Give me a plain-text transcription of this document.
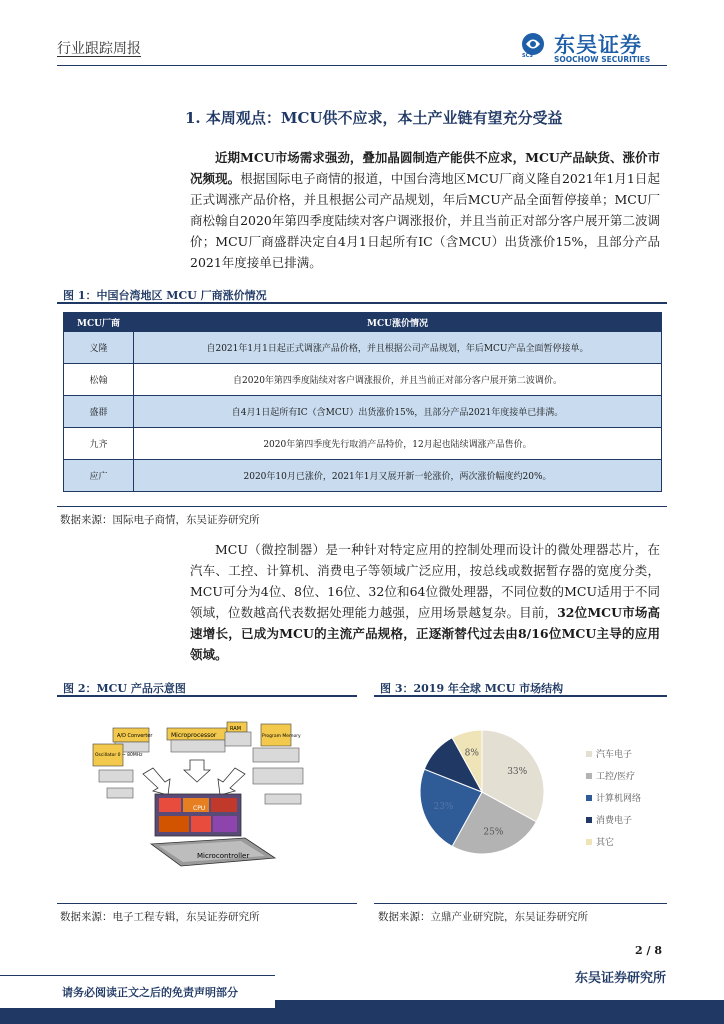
行业跟踪周报	SCS 东吴证券
SOOCHOW SECURITIES
1. 本周观点：MCU供不应求，本土产业链有望充分受益
近期MCU市场需求强劲，叠加晶圆制造产能供不应求，MCU产品缺货、涨价市况频现。根据国际电子商情的报道，中国台湾地区MCU厂商义隆自2021年1月1日起正式调涨产品价格，并且根据公司产品规划，年后MCU产品全面暂停接单；MCU厂商松翰自2020年第四季度陆续对客户调涨报价，并且当前正对部分客户展开第二波调价；MCU厂商盛群决定自4月1日起所有IC（含MCU）出货涨价15%，且部分产品2021年度接单已排满。
图 1：中国台湾地区 MCU 厂商涨价情况
MCU厂商	MCU涨价情况
义隆	自2021年1月1日起正式调涨产品价格，并且根据公司产品规划，年后MCU产品全面暂停接单。
松翰	自2020年第四季度陆续对客户调涨报价，并且当前正对部分客户展开第二波调价。
盛群	自4月1日起所有IC（含MCU）出货涨价15%，且部分产品2021年度接单已排满。
九齐	2020年第四季度先行取消产品特价，12月起也陆续调涨产品售价。
应广	2020年10月已涨价，2021年1月又展开新一轮涨价，两次涨价幅度约20%。
数据来源：国际电子商情，东吴证券研究所
MCU（微控制器）是一种针对特定应用的控制处理而设计的微处理器芯片，在汽车、工控、计算机、消费电子等领域广泛应用，按总线或数据暂存器的宽度分类，MCU可分为4位、8位、16位、32位和64位微处理器，不同位数的MCU适用于不同领域，位数越高代表数据处理能力越强，应用场景越复杂。目前，32位MCU市场高速增长，已成为MCU的主流产品规格，正逐渐替代过去由8/16位MCU主导的应用领域。
图 2：MCU 产品示意图
A/D Converter	Microprocessor
RAM
Program Memory
Oscillator 0 ~ 80MHz
CPU
Microcontroller
数据来源：电子工程专辑，东吴证券研究所
图 3：2019 年全球 MCU 市场结构
33%
25%
23%
8%	汽车电子
工控/医疗
计算机网络
消费电子
其它
数据来源：立鼎产业研究院，东吴证券研究所
2 / 8
东吴证券研究所
请务必阅读正文之后的免责声明部分
